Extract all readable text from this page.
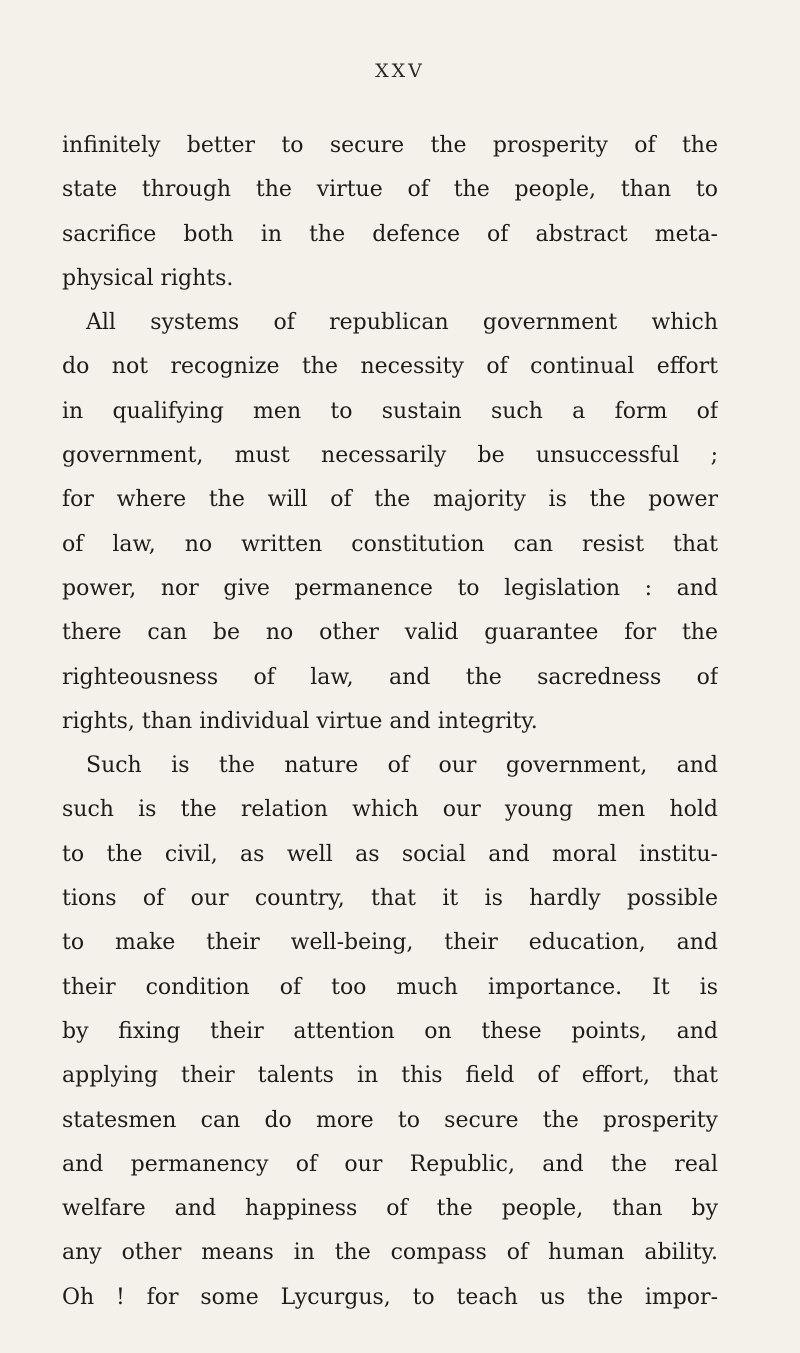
XXV
infinitely better to secure the prosperity of the
state through the virtue of the people, than to
sacrifice both in the defence of abstract meta-
physical rights.
All systems of republican government which
do not recognize the necessity of continual effort
in qualifying men to sustain such a form of
government, must necessarily be unsuccessful ;
for where the will of the majority is the power
of law, no written constitution can resist that
power, nor give permanence to legislation : and
there can be no other valid guarantee for the
righteousness of law, and the sacredness of
rights, than individual virtue and integrity.
Such is the nature of our government, and
such is the relation which our young men hold
to the civil, as well as social and moral institu-
tions of our country, that it is hardly possible
to make their well-being, their education, and
their condition of too much importance. It is
by fixing their attention on these points, and
applying their talents in this field of effort, that
statesmen can do more to secure the prosperity
and permanency of our Republic, and the real
welfare and happiness of the people, than by
any other means in the compass of human ability.
Oh ! for some Lycurgus, to teach us the impor-
